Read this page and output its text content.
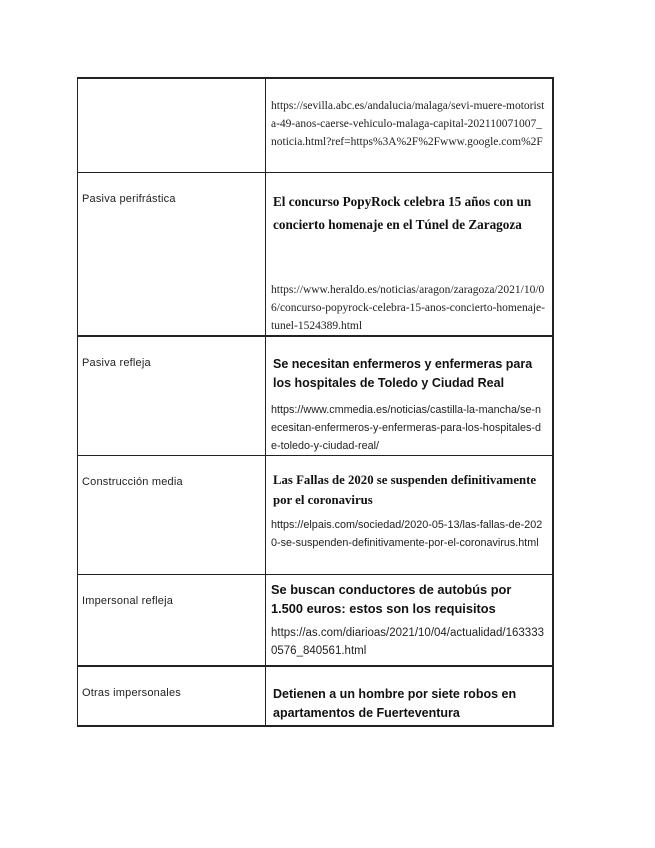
	https://sevilla.abc.es/andalucia/malaga/sevi-muere-motorista-49-anos-caerse-vehiculo-malaga-capital-202110071007_noticia.html?ref=https%3A%2F%2Fwww.google.com%2F

Pasiva perifrástica	El concurso PopyRock celebra 15 años con un concierto homenaje en el Túnel de Zaragoza
https://www.heraldo.es/noticias/aragon/zaragoza/2021/10/06/concurso-popyrock-celebra-15-anos-concierto-homenaje-tunel-1524389.html

Pasiva refleja	Se necesitan enfermeros y enfermeras para los hospitales de Toledo y Ciudad Real
https://www.cmmedia.es/noticias/castilla-la-mancha/se-necesitan-enfermeros-y-enfermeras-para-los-hospitales-de-toledo-y-ciudad-real/

Construcción media	Las Fallas de 2020 se suspenden definitivamente por el coronavirus
https://elpais.com/sociedad/2020-05-13/las-fallas-de-2020-se-suspenden-definitivamente-por-el-coronavirus.html

Impersonal refleja	Se buscan conductores de autobús por 1.500 euros: estos son los requisitos
https://as.com/diarioas/2021/10/04/actualidad/1633330576_840561.html

Otras impersonales	Detienen a un hombre por siete robos en apartamentos de Fuerteventura
